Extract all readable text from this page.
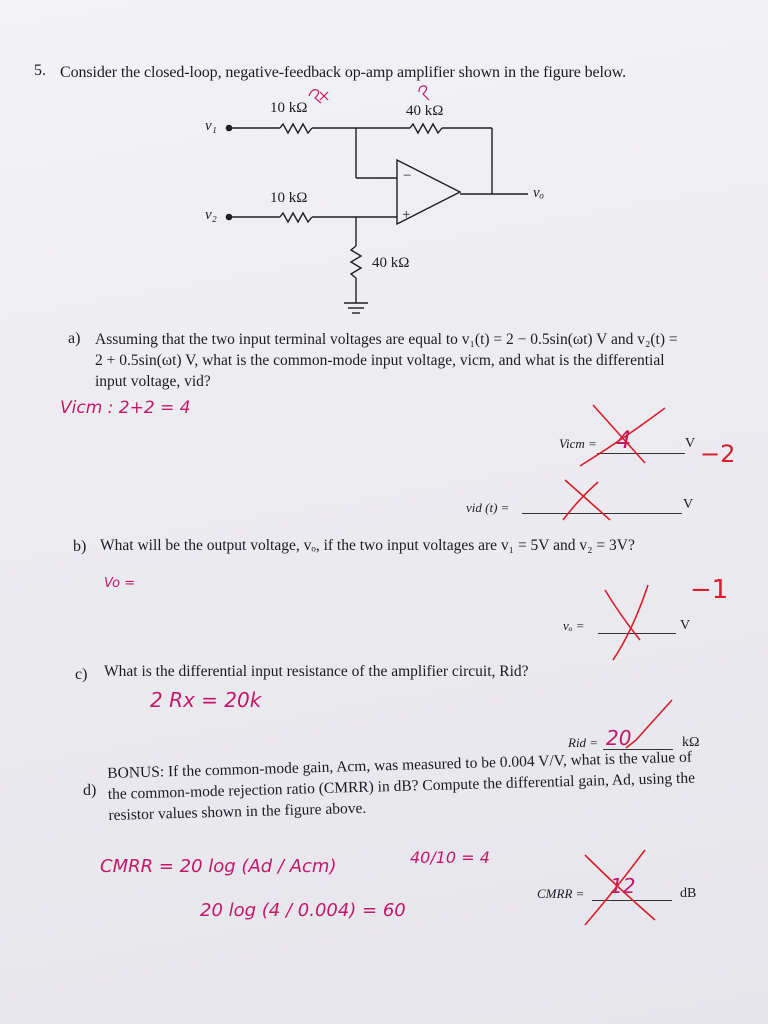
5. Consider the closed-loop, negative-feedback op-amp amplifier shown in the figure below.
10 kΩ	40 kΩ
10 kΩ
40 kΩ
v₁
v₂
vₒ
−
+
a) Assuming that the two input terminal voltages are equal to v₁(t) = 2 − 0.5sin(ωt) V and v₂(t) = 2 + 0.5sin(ωt) V, what is the common-mode input voltage, vicm, and what is the differential input voltage, vid?
Vicm : 2+2 = 4
Vicm = 4	V −2
vid (t) =	V
b) What will be the output voltage, vₒ, if the two input voltages are v₁ = 5V and v₂ = 3V?
Vo =
vₒ =	V
−1
c) What is the differential input resistance of the amplifier circuit, Rid?
2 Rx = 20k
Rid = 20	kΩ
d)
BONUS: If the common-mode gain, Acm, was measured to be 0.004 V/V, what is the value of the common-mode rejection ratio (CMRR) in dB? Compute the differential gain, Ad, using the resistor values shown in the figure above.
CMRR = 20 log (Ad / Acm)	40/10 = 4
20 log (4 / 0.004) = 60
CMRR = 12	dB
